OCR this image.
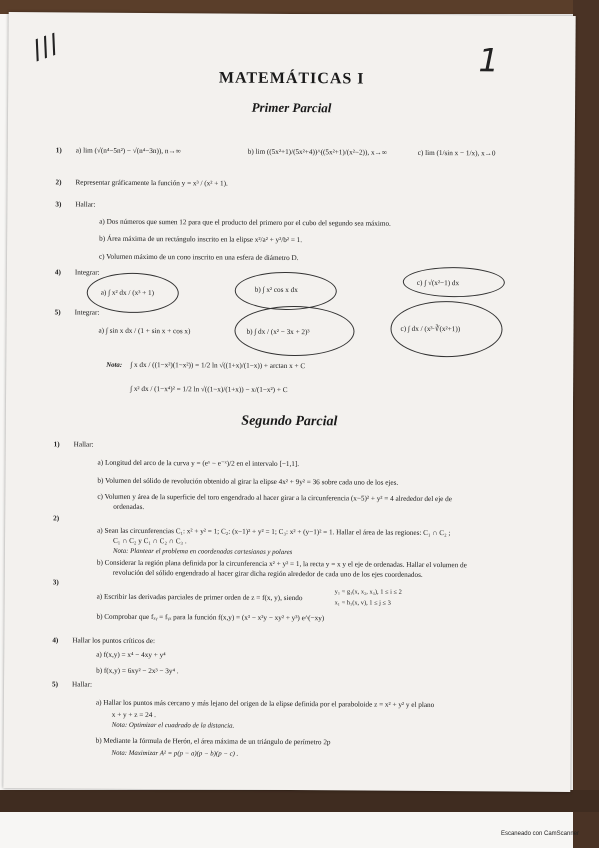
///	1
MATEMÁTICAS I
Primer Parcial
1) a) lim (√(n⁴−5n²) − √(n⁴−3n)), n→∞	b) lim ((5x²+1)/(5x²+4))^((5x²+1)/(x²−2)), x→∞	c) lim (1/sin x − 1/x), x→0
2) Representar gráficamente la función y = x³ / (x² + 1).
3) Hallar:
a) Dos números que sumen 12 para que el producto del primero por el cubo del segundo sea máximo.
b) Área máxima de un rectángulo inscrito en la elipse x²/a² + y²/b² = 1.
c) Volumen máximo de un cono inscrito en una esfera de diámetro D.
4) Integrar:
a) ∫ x² dx / (x³ + 1)	b) ∫ x² cos x dx
c) ∫ √(x²−1) dx
5) Integrar:
a) ∫ sin x dx / (1 + sin x + cos x)	b) ∫ dx / (x² − 3x + 2)³	c) ∫ dx / (x³·∛(x²+1))
Nota: ∫ x dx / ((1−x²)(1−x²)) = 1/2 ln √((1+x)/(1−x)) + arctan x + C
∫ x² dx / (1−x⁴)² = 1/2 ln √((1−x)/(1+x)) − x/(1−x²) + C
Segundo Parcial
1) Hallar:
a) Longitud del arco de la curva y = (eˣ − e⁻ˣ)/2 en el intervalo [−1,1].
b) Volumen del sólido de revolución obtenido al girar la elipse 4x² + 9y² = 36 sobre cada uno de los ejes.
c) Volumen y área de la superficie del toro engendrado al hacer girar a la circunferencia (x−5)² + y² = 4 alrededor del eje de
ordenadas.
2)
a) Sean las circunferencias C₁: x² + y² = 1; C₂: (x−1)² + y² = 1; C₃: x² + (y−1)² = 1. Hallar el área de las regiones: C₁ ∩ C₂ ;
C₁ ∩ C₂ y C₁ ∩ C₂ ∩ C₃ .
Nota: Plantear el problema en coordenadas cartesianas y polares
b) Considerar la región plana definida por la circunferencia x² + y² = 1, la recta y = x y el eje de ordenadas. Hallar el volumen de
revolución del sólido engendrado al hacer girar dicha región alrededor de cada uno de los ejes coordenados.
3)
a) Escribir las derivadas parciales de primer orden de z = f(x, y), siendo
y₁ = g₁(x, x₂, x₃), 1 ≤ i ≤ 2
x₁ = h₁(x, v), 1 ≤ j ≤ 3
b) Comprobar que fₓᵧ = fᵧₓ para la función f(x,y) = (x³ − x²y − xy² + y³) e^(−xy)
4) Hallar los puntos críticos de:
a) f(x,y) = x⁴ − 4xy + y⁴
b) f(x,y) = 6xy² − 2x³ − 3y⁴ .
5) Hallar:
a) Hallar los puntos más cercano y más lejano del origen de la elipse definida por el paraboloide z = x² + y² y el plano
x + y + z = 24 .
Nota: Optimizar el cuadrado de la distancia.
b) Mediante la fórmula de Herón, el área máxima de un triángulo de perímetro 2p
Nota: Maximizar A² = p(p − a)(p − b)(p − c) .
Escaneado con CamScanner
